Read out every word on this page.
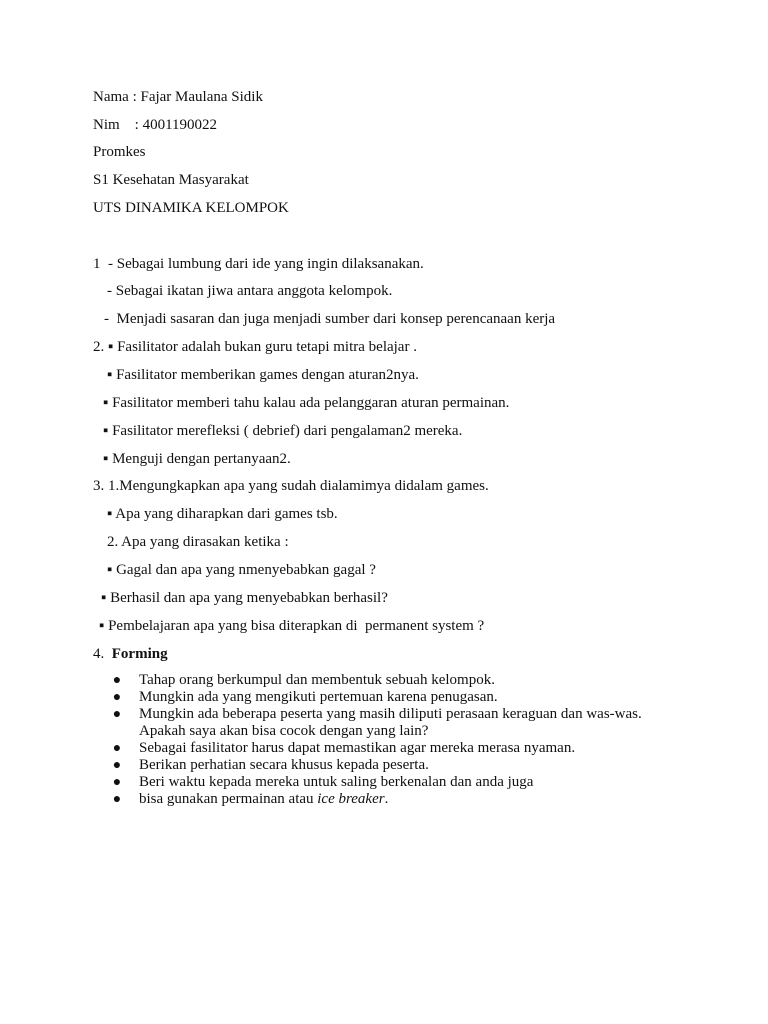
Nama : Fajar Maulana Sidik
Nim    : 4001190022
Promkes
S1 Kesehatan Masyarakat
UTS DINAMIKA KELOMPOK
1  - Sebagai lumbung dari ide yang ingin dilaksanakan.
- Sebagai ikatan jiwa antara anggota kelompok.
-  Menjadi sasaran dan juga menjadi sumber dari konsep perencanaan kerja
2. ▪ Fasilitator adalah bukan guru tetapi mitra belajar .
▪ Fasilitator memberikan games dengan aturan2nya.
▪ Fasilitator memberi tahu kalau ada pelanggaran aturan permainan.
▪ Fasilitator merefleksi ( debrief) dari pengalaman2 mereka.
▪ Menguji dengan pertanyaan2.
3. 1.Mengungkapkan apa yang sudah dialamimya didalam games.
▪ Apa yang diharapkan dari games tsb.
2. Apa yang dirasakan ketika :
▪ Gagal dan apa yang nmenyebabkan gagal ?
▪ Berhasil dan apa yang menyebabkan berhasil?
▪ Pembelajaran apa yang bisa diterapkan di  permanent system ?
4. Forming

●

Tahap orang berkumpul dan membentuk sebuah kelompok.

●

Mungkin ada yang mengikuti pertemuan karena penugasan.

●

Mungkin ada beberapa peserta yang masih diliputi perasaan keraguan dan was-was.

Apakah saya akan bisa cocok dengan yang lain?

●

Sebagai fasilitator harus dapat memastikan agar mereka merasa nyaman.

●

Berikan perhatian secara khusus kepada peserta.

●

Beri waktu kepada mereka untuk saling berkenalan dan anda juga

●

bisa gunakan permainan atau ice breaker.
